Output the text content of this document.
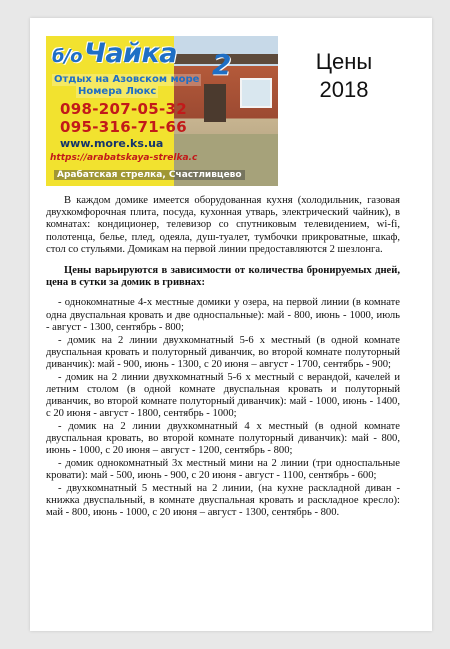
б/оЧайка 2
Отдых на Азовском море
Номера Люкс
098-207-05-32
095-316-71-66
www.more.ks.ua
https://arabatskaya-strelka.c
Арабатская стрелка, Счастливцево
Цены
2018

В каждом домике имеется оборудованная кухня (холодильник, газовая двухкомфорочная плита, посуда, кухонная утварь, электрический чайник), в комнатах: кондиционер, телевизор со спутниковым телевидением, wi-fi, полотенца, белье, плед, одеяла, душ-туалет, тумбочки прикроватные, шкаф, стол со стульями. Домикам на первой линии предоставляются 2 шезлонга.

Цены варьируются в зависимости от количества бронируемых дней, цена в сутки за домик в гривнах:

- однокомнатные 4-х местные домики у озера, на первой линии (в комнате одна двуспальная кровать и две односпальные): май - 800, июнь - 1000, июль - август - 1300, сентябрь - 800;
- домик на 2 линии двухкомнатный 5-6 х местный (в одной комнате двуспальная кровать и полуторный диванчик, во второй комнате полуторный диванчик): май - 900, июнь - 1300, с 20 июня – август - 1700, сентябрь - 900;
- домик на 2 линии двухкомнатный 5-6 х местный с верандой, качелей и летним столом (в одной комнате двуспальная кровать и полуторный диванчик, во второй комнате полуторный диванчик): май - 1000, июнь - 1400, с 20 июня - август - 1800, сентябрь - 1000;
- домик на 2 линии двухкомнатный 4 х местный (в одной комнате двуспальная кровать, во второй комнате полуторный диванчик): май - 800, июнь - 1000, с 20 июня – август - 1200, сентябрь - 800;
- домик однокомнатный 3х местный мини на 2 линии (три односпальные кровати): май - 500, июнь - 900, с 20 июня - август - 1100, сентябрь - 600;
- двухкомнатный 5 местный на 2 линии, (на кухне раскладной диван - книжка двуспальный, в комнате двуспальная кровать и раскладное кресло): май - 800, июнь - 1000, с 20 июня – август - 1300, сентябрь - 800.
